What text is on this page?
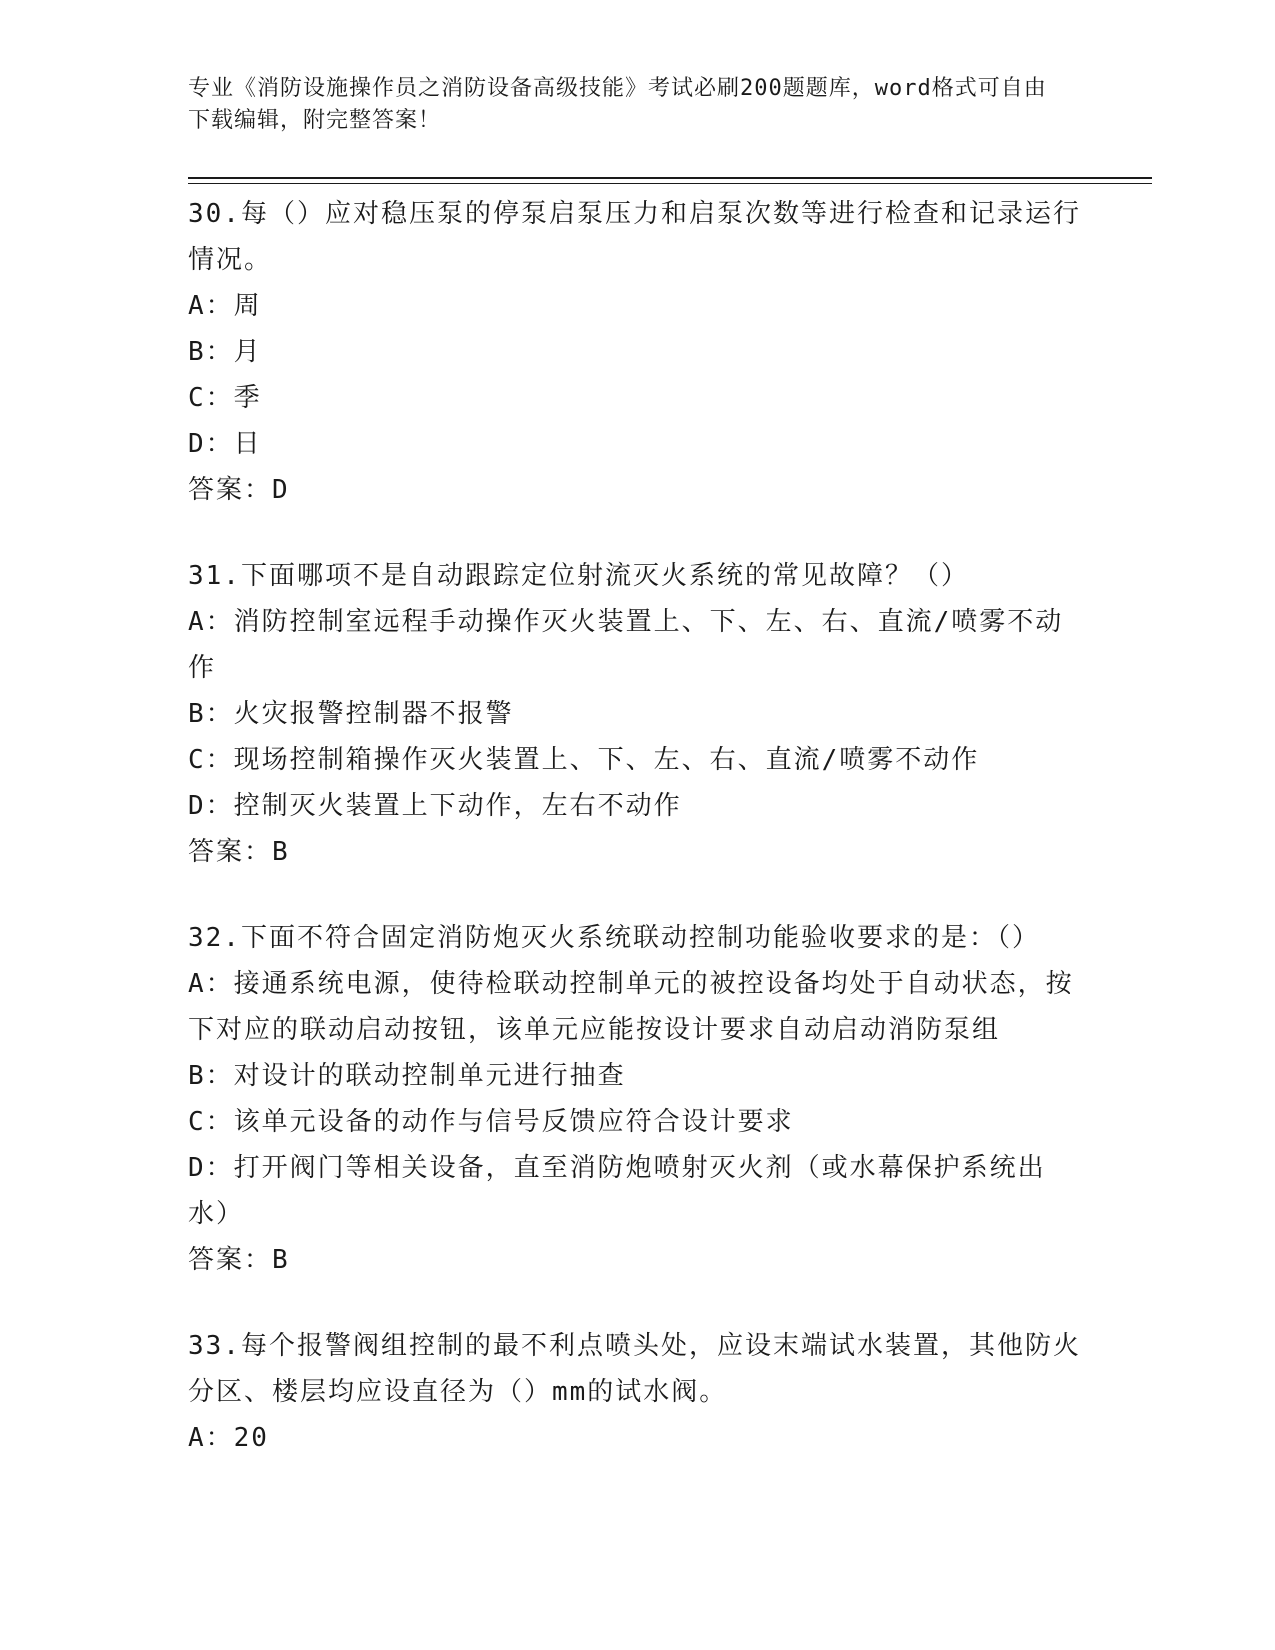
专业《消防设施操作员之消防设备高级技能》考试必刷200题题库，word格式可自由下载编辑，附完整答案！

30.每（）应对稳压泵的停泵启泵压力和启泵次数等进行检查和记录运行情况。

A：周

B：月

C：季

D：日

答案：D

31.下面哪项不是自动跟踪定位射流灭火系统的常见故障？（）

A：消防控制室远程手动操作灭火装置上、下、左、右、直流/喷雾不动作

B：火灾报警控制器不报警

C：现场控制箱操作灭火装置上、下、左、右、直流/喷雾不动作

D：控制灭火装置上下动作，左右不动作

答案：B

32.下面不符合固定消防炮灭火系统联动控制功能验收要求的是：（）

A：接通系统电源，使待检联动控制单元的被控设备均处于自动状态，按下对应的联动启动按钮，该单元应能按设计要求自动启动消防泵组

B：对设计的联动控制单元进行抽查

C：该单元设备的动作与信号反馈应符合设计要求

D：打开阀门等相关设备，直至消防炮喷射灭火剂（或水幕保护系统出水）

答案：B

33.每个报警阀组控制的最不利点喷头处，应设末端试水装置，其他防火分区、楼层均应设直径为（）mm的试水阀。

A：20
